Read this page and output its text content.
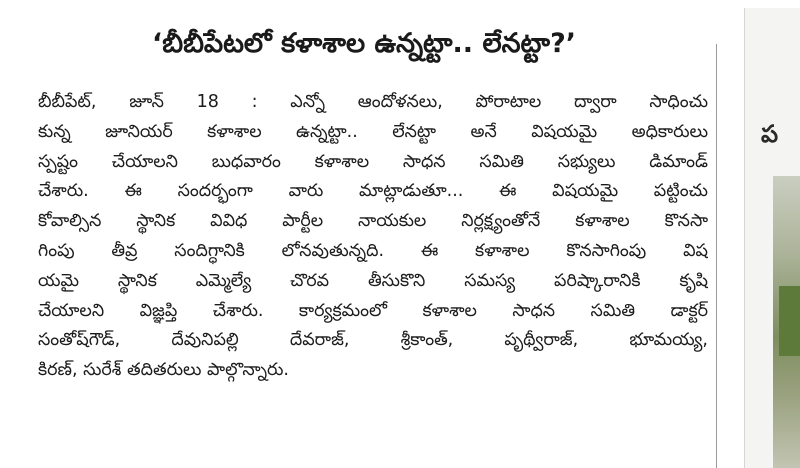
‘బీబీపేటలో కళాశాల ఉన్నట్టా.. లేనట్టా?’
బీబీపేట్, జూన్ 18 : ఎన్నో ఆందోళనలు, పోరాటాల ద్వారా సాధించు
కున్న జూనియర్ కళాశాల ఉన్నట్టా.. లేనట్టా అనే విషయమై అధికారులు
స్పష్టం చేయాలని బుధవారం కళాశాల సాధన సమితి సభ్యులు డిమాండ్
చేశారు. ఈ సందర్భంగా వారు మాట్లాడుతూ... ఈ విషయమై పట్టించు
కోవాల్సిన స్థానిక వివిధ పార్టీల నాయకుల నిర్లక్ష్యంతోనే కళాశాల కొనసా
గింపు తీవ్ర సందిగ్ధానికి లోనవుతున్నది. ఈ కళాశాల కొనసాగింపు విష
యమై స్థానిక ఎమ్మెల్యే చొరవ తీసుకొని సమస్య పరిష్కారానికి కృషి
చేయాలని విజ్ఞప్తి చేశారు. కార్యక్రమంలో కళాశాల సాధన సమితి డాక్టర్
సంతోష్‌గౌడ్, దేవునిపల్లి దేవరాజ్, శ్రీకాంత్, పృథ్వీరాజ్, భూమయ్య,
కిరణ్, సురేశ్ తదితరులు పాల్గొన్నారు.
ప
